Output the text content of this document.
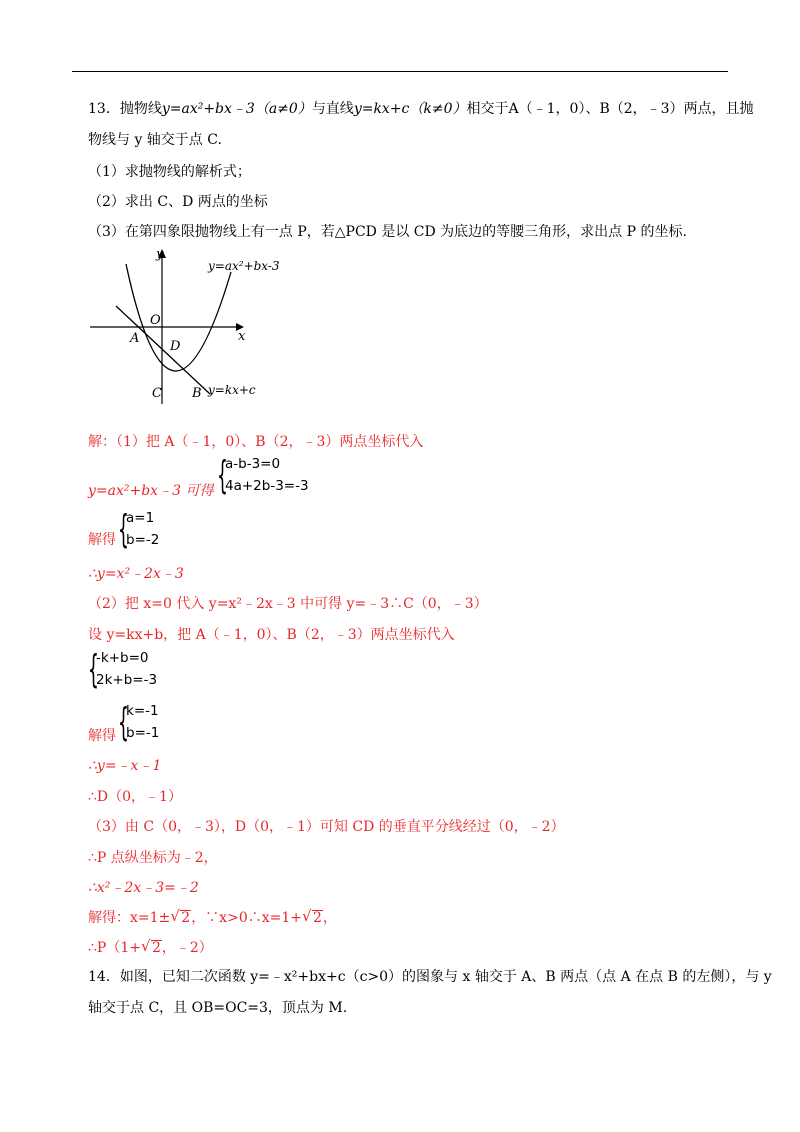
13．抛物线y=ax²+bx﹣3（a≠0）与直线y=kx+c（k≠0）相交于A（﹣1，0）、B（2，﹣3）两点，且抛
物线与 y 轴交于点 C.
（1）求抛物线的解析式；
（2）求出 C、D 两点的坐标
（3）在第四象限抛物线上有一点 P，若△PCD 是以 CD 为底边的等腰三角形，求出点 P 的坐标.
y=ax²+bx-3
y=kx+c
x
y
O
A
D
C B
解：（1）把 A（﹣1，0）、B（2，﹣3）两点坐标代入
y=ax²+bx﹣3 可得 {
a-b-3=0
4a+2b-3=-3
解得 {
a=1
b=-2
∴y=x²﹣2x﹣3
（2）把 x=0 代入 y=x²﹣2x﹣3 中可得 y=﹣3∴C（0，﹣3）
设 y=kx+b，把 A（﹣1，0）、B（2，﹣3）两点坐标代入
{
-k+b=0
2k+b=-3
解得 {
k=-1
b=-1
∴y=﹣x﹣1
∴D（0，﹣1）
（3）由 C（0，﹣3），D（0，﹣1）可知 CD 的垂直平分线经过（0，﹣2）
∴P 点纵坐标为﹣2，
∴x²﹣2x﹣3=﹣2
解得：x=1± √ 2，∵x>0∴x=1+ √ 2，
∴P（1+ √ 2，﹣2）
14．如图，已知二次函数 y=﹣x²+bx+c（c>0）的图象与 x 轴交于 A、B 两点（点 A 在点 B 的左侧），与 y
轴交于点 C，且 OB=OC=3，顶点为 M.
